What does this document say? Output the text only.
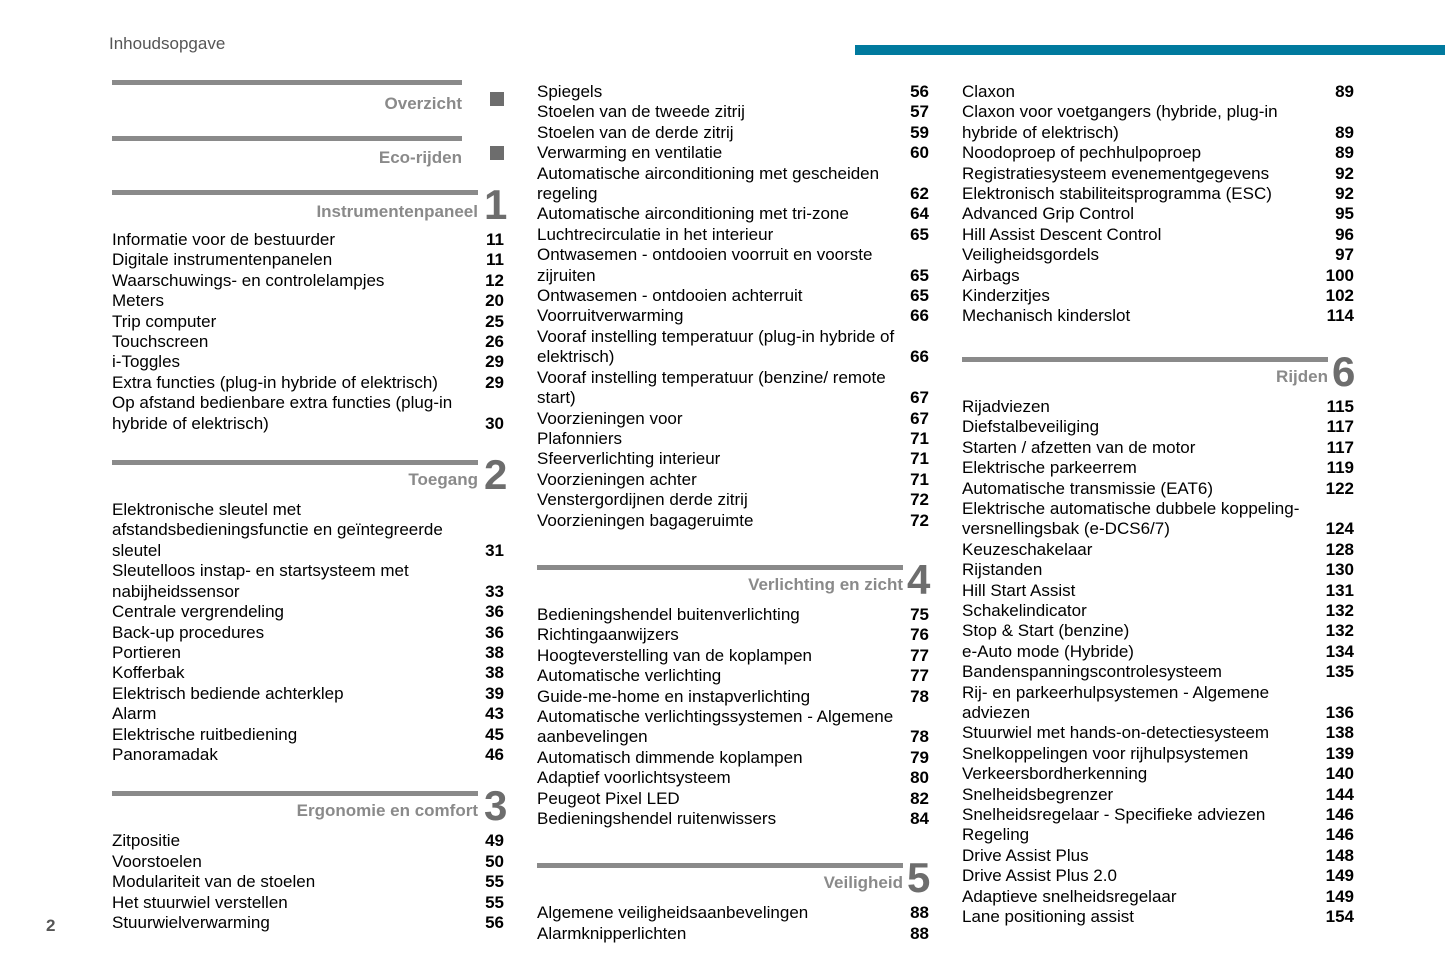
Inhoudsopgave
2
Overzicht
Eco-rijden
Instrumentenpaneel 1
Informatie voor de bestuurder	11
Digitale instrumentenpanelen	11
Waarschuwings- en controlelampjes	12
Meters	20
Trip computer	25
Touchscreen	26
i-Toggles	29
Extra functies (plug-in hybride of elektrisch)	29
Op afstand bedienbare extra functies (plug-in hybride of elektrisch)	30
Toegang 2
Elektronische sleutel met afstandsbedieningsfunctie en geïntegreerde sleutel	31
Sleutelloos instap- en startsysteem met nabijheidssensor	33
Centrale vergrendeling	36
Back-up procedures	36
Portieren	38
Kofferbak	38
Elektrisch bediende achterklep	39
Alarm	43
Elektrische ruitbediening	45
Panoramadak	46
Ergonomie en comfort 3
Zitpositie	49
Voorstoelen	50
Modulariteit van de stoelen	55
Het stuurwiel verstellen	55
Stuurwielverwarming	56
Spiegels	56
Stoelen van de tweede zitrij	57
Stoelen van de derde zitrij	59
Verwarming en ventilatie	60
Automatische airconditioning met gescheiden regeling	62
Automatische airconditioning met tri-zone	64
Luchtrecirculatie in het interieur	65
Ontwasemen - ontdooien voorruit en voorste zijruiten	65
Ontwasemen - ontdooien achterruit	65
Voorruitverwarming	66
Vooraf instelling temperatuur (plug-in hybride of elektrisch)	66
Vooraf instelling temperatuur (benzine/ remote start)	67
Voorzieningen voor	67
Plafonniers	71
Sfeerverlichting interieur	71
Voorzieningen achter	71
Venstergordijnen derde zitrij	72
Voorzieningen bagageruimte	72
Verlichting en zicht 4
Bedieningshendel buitenverlichting	75
Richtingaanwijzers	76
Hoogteverstelling van de koplampen	77
Automatische verlichting	77
Guide-me-home en instapverlichting	78
Automatische verlichtingssystemen - Algemene aanbevelingen	78
Automatisch dimmende koplampen	79
Adaptief voorlichtsysteem	80
Peugeot Pixel LED	82
Bedieningshendel ruitenwissers	84
Veiligheid 5
Algemene veiligheidsaanbevelingen	88
Alarmknipperlichten	88
Claxon	89
Claxon voor voetgangers (hybride, plug-in hybride of elektrisch)	89
Noodoproep of pechhulpoproep	89
Registratiesysteem evenementgegevens	92
Elektronisch stabiliteitsprogramma (ESC)	92
Advanced Grip Control	95
Hill Assist Descent Control	96
Veiligheidsgordels	97
Airbags	100
Kinderzitjes	102
Mechanisch kinderslot	114
Rijden 6
Rijadviezen	115
Diefstalbeveiliging	117
Starten / afzetten van de motor	117
Elektrische parkeerrem	119
Automatische transmissie (EAT6)	122
Elektrische automatische dubbele koppeling- versnellingsbak (e-DCS6/7)	124
Keuzeschakelaar	128
Rijstanden	130
Hill Start Assist	131
Schakelindicator	132
Stop & Start (benzine)	132
e-Auto mode (Hybride)	134
Bandenspanningscontrolesysteem	135
Rij- en parkeerhulpsystemen - Algemene adviezen	136
Stuurwiel met hands-on-detectiesysteem	138
Snelkoppelingen voor rijhulpsystemen	139
Verkeersbordherkenning	140
Snelheidsbegrenzer	144
Snelheidsregelaar - Specifieke adviezen	146
Regeling	146
Drive Assist Plus	148
Drive Assist Plus 2.0	149
Adaptieve snelheidsregelaar	149
Lane positioning assist	154
